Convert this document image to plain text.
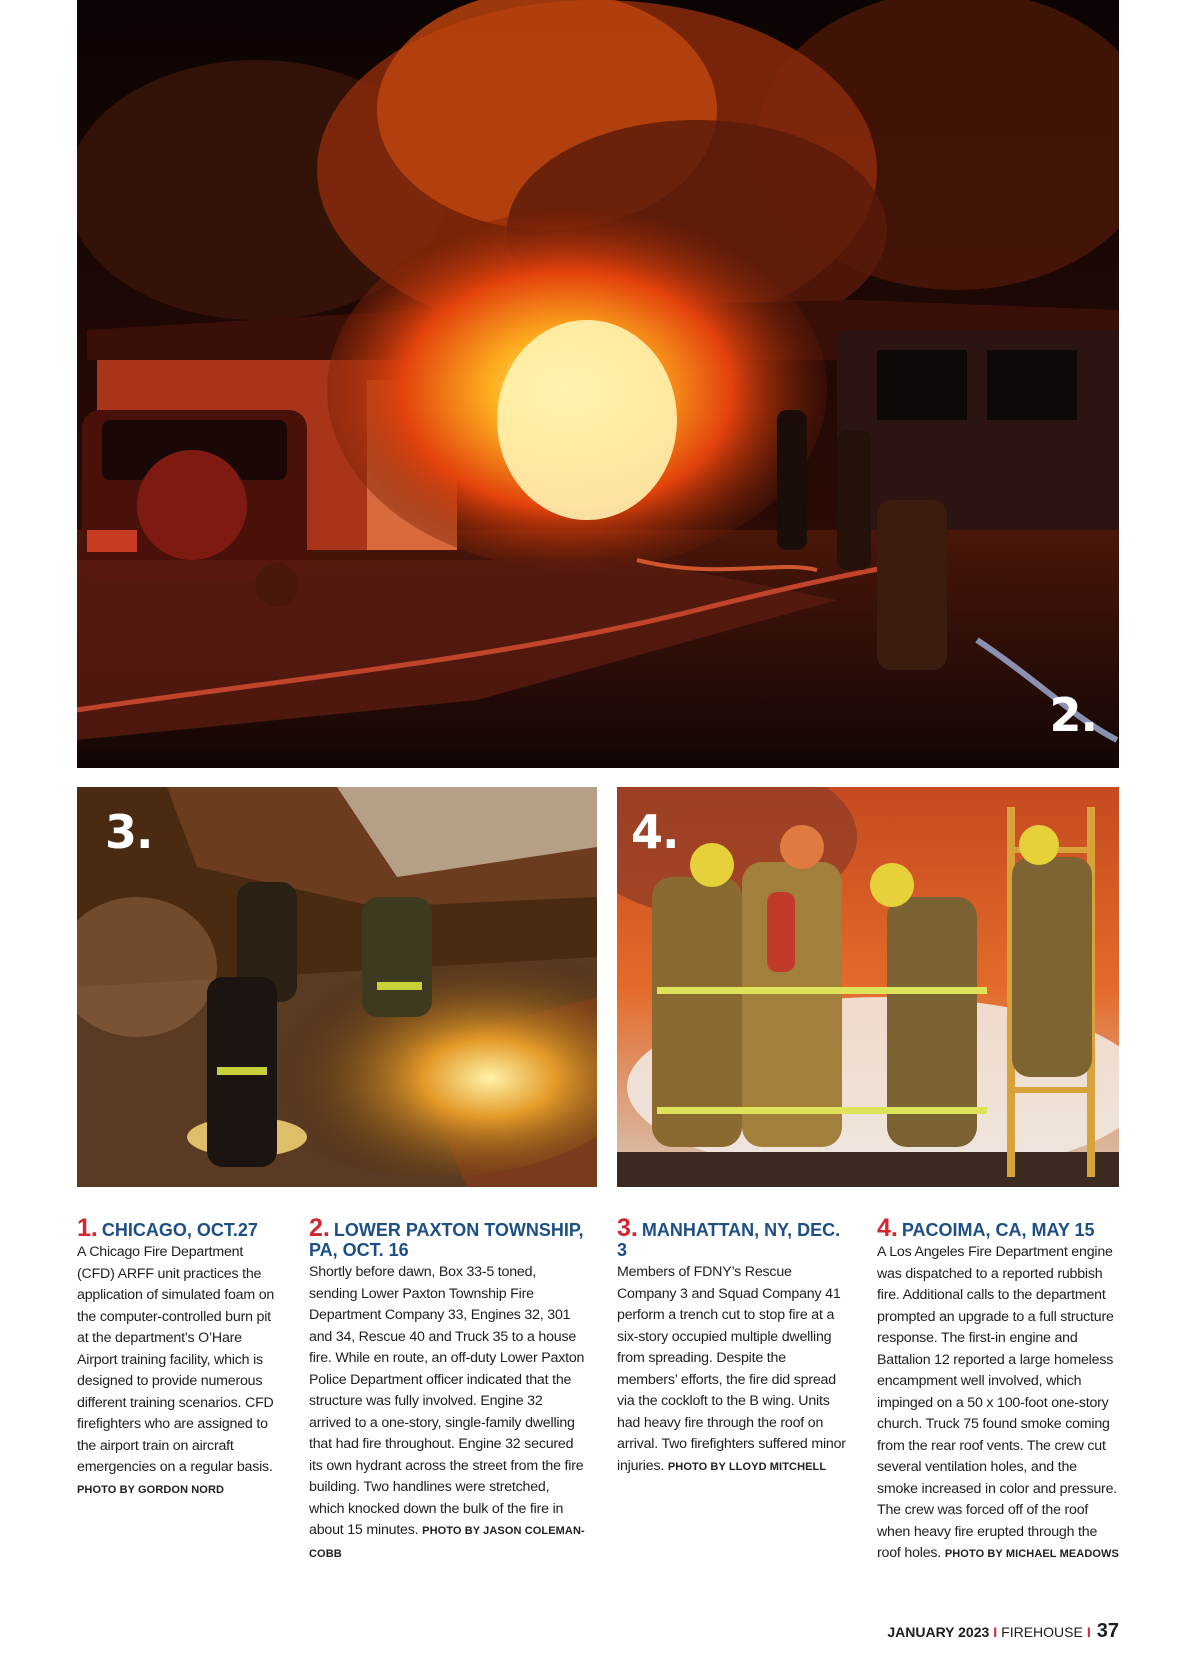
2.
3.	4.
1. CHICAGO, OCT.27

A Chicago Fire Department (CFD) ARFF unit practices the application of simulated foam on the computer-controlled burn pit at the department’s O’Hare Airport training facility, which is designed to provide numerous different training scenarios. CFD firefighters who are assigned to the airport train on aircraft emergencies on a regular basis. PHOTO BY GORDON NORD

2. LOWER PAXTON TOWNSHIP, PA, OCT. 16

Shortly before dawn, Box 33-5 toned, sending Lower Paxton Township Fire Department Company 33, Engines 32, 301 and 34, Rescue 40 and Truck 35 to a house fire. While en route, an off-duty Lower Paxton Police Department officer indicated that the structure was fully involved. Engine 32 arrived to a one-story, single-family dwelling that had fire throughout. Engine 32 secured its own hydrant across the street from the fire building. Two handlines were stretched, which knocked down the bulk of the fire in about 15 minutes. PHOTO BY JASON COLEMAN-COBB

3. MANHATTAN, NY, DEC. 3

Members of FDNY’s Rescue Company 3 and Squad Company 41 perform a trench cut to stop fire at a six-story occupied multiple dwelling from spreading. Despite the members’ efforts, the fire did spread via the cockloft to the B wing. Units had heavy fire through the roof on arrival. Two firefighters suffered minor injuries. PHOTO BY LLOYD MITCHELL

4. PACOIMA, CA, MAY 15

A Los Angeles Fire Department engine was dispatched to a reported rubbish fire. Additional calls to the department prompted an upgrade to a full structure response. The first-in engine and Battalion 12 reported a large homeless encampment well involved, which impinged on a 50 x 100-foot one-story church. Truck 75 found smoke coming from the rear roof vents. The crew cut several ventilation holes, and the smoke increased in color and pressure. The crew was forced off of the roof when heavy fire erupted through the roof holes. PHOTO BY MICHAEL MEADOWS

JANUARY 2023 I FIREHOUSE I 37
